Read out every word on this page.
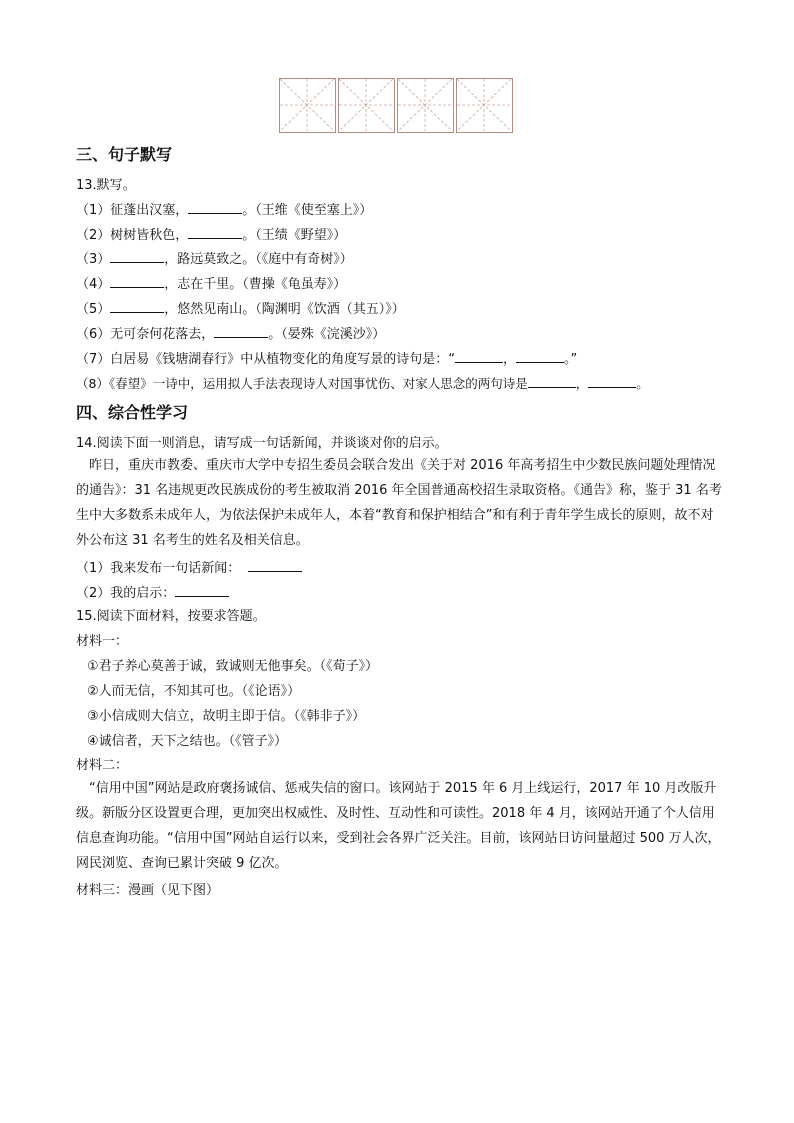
三、句子默写
13.默写。
（1）征蓬出汉塞，	。（王维《使至塞上》）
（2）树树皆秋色，	。（王绩《野望》）
（3）	，路远莫致之。（《庭中有奇树》）
（4）	，志在千里。（曹操《龟虽寿》）
（5）	，悠然见南山。（陶渊明《饮酒（其五）》）
（6）无可奈何花落去，	。（晏殊《浣溪沙》）
（7）白居易《钱塘湖春行》中从植物变化的角度写景的诗句是：“	，	。”
（8）《春望》一诗中，运用拟人手法表现诗人对国事忧伤、对家人思念的两句诗是	，	。
四、综合性学习
14.阅读下面一则消息，请写成一句话新闻，并谈谈对你的启示。
昨日，重庆市教委、重庆市大学中专招生委员会联合发出《关于对 2016 年高考招生中少数民族问题处理情况的通告》：31 名违规更改民族成份的考生被取消 2016 年全国普通高校招生录取资格。《通告》称，鉴于 31 名考生中大多数系未成年人，为依法保护未成年人，本着“教育和保护相结合”和有利于青年学生成长的原则，故不对外公布这 31 名考生的姓名及相关信息。
（1）我来发布一句话新闻：
（2）我的启示：
15.阅读下面材料，按要求答题。
材料一：
①君子养心莫善于诚，致诚则无他事矣。（《荀子》）
②人而无信，不知其可也。（《论语》）
③小信成则大信立，故明主即于信。（《韩非子》）
④诚信者，天下之结也。（《管子》）
材料二：
“信用中国”网站是政府褒扬诚信、惩戒失信的窗口。该网站于 2015 年 6 月上线运行，2017 年 10 月改版升级。新版分区设置更合理，更加突出权威性、及时性、互动性和可读性。2018 年 4 月，该网站开通了个人信用信息查询功能。“信用中国”网站自运行以来，受到社会各界广泛关注。目前，该网站日访问量超过 500 万人次，网民浏览、查询已累计突破 9 亿次。
材料三：漫画（见下图）
